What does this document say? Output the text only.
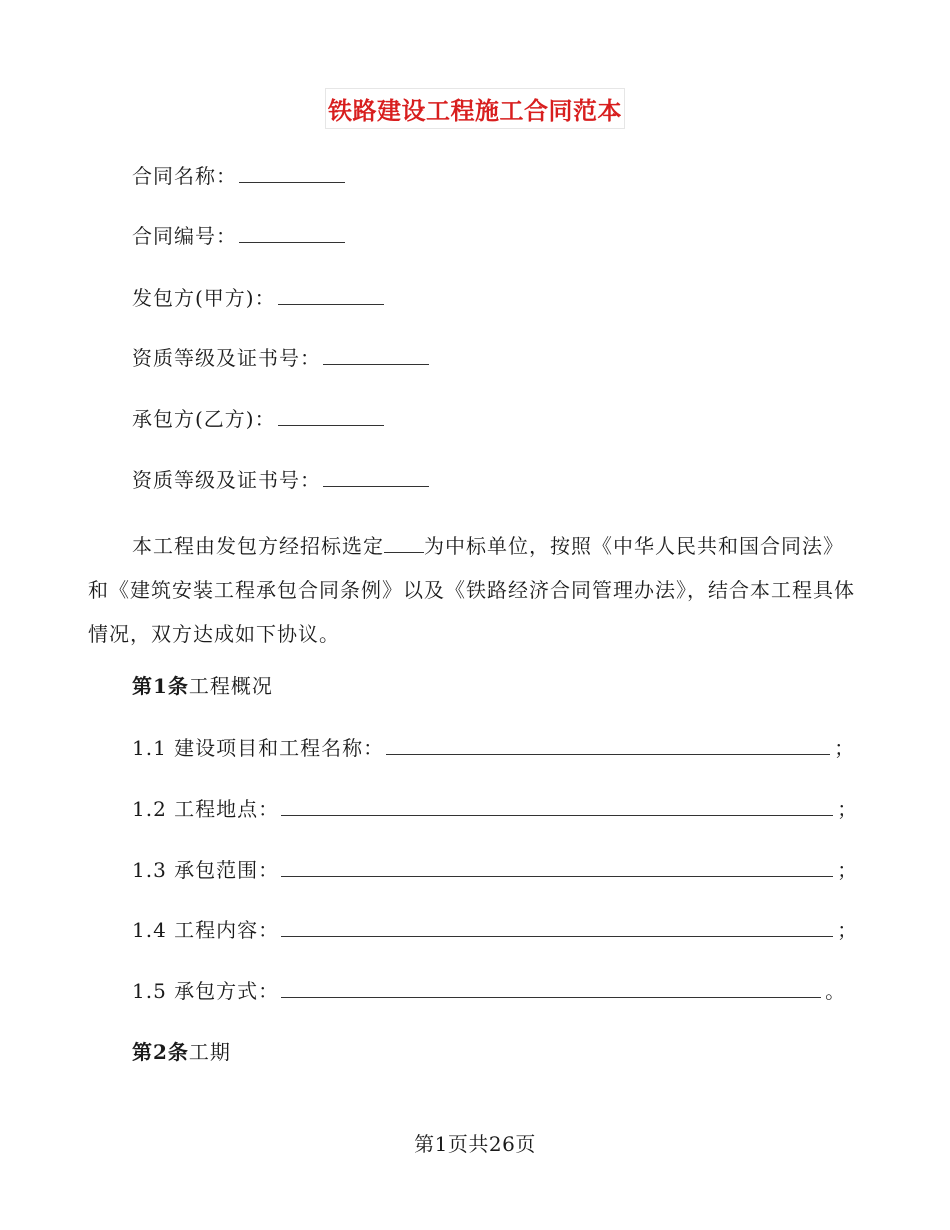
铁路建设工程施工合同范本
合同名称：
合同编号：
发包方(甲方)：
资质等级及证书号：
承包方(乙方)：
资质等级及证书号：
本工程由发包方经招标选定 为中标单位，按照《中华人民共和国合同法》和《建筑安装工程承包合同条例》以及《铁路经济合同管理办法》，结合本工程具体情况，双方达成如下协议。
第1条工程概况
1.1 建设项目和工程名称：	；
1.2 工程地点：	；
1.3 承包范围：	；
1.4 工程内容：	；
1.5 承包方式：	。
第2条工期
第1页共26页
